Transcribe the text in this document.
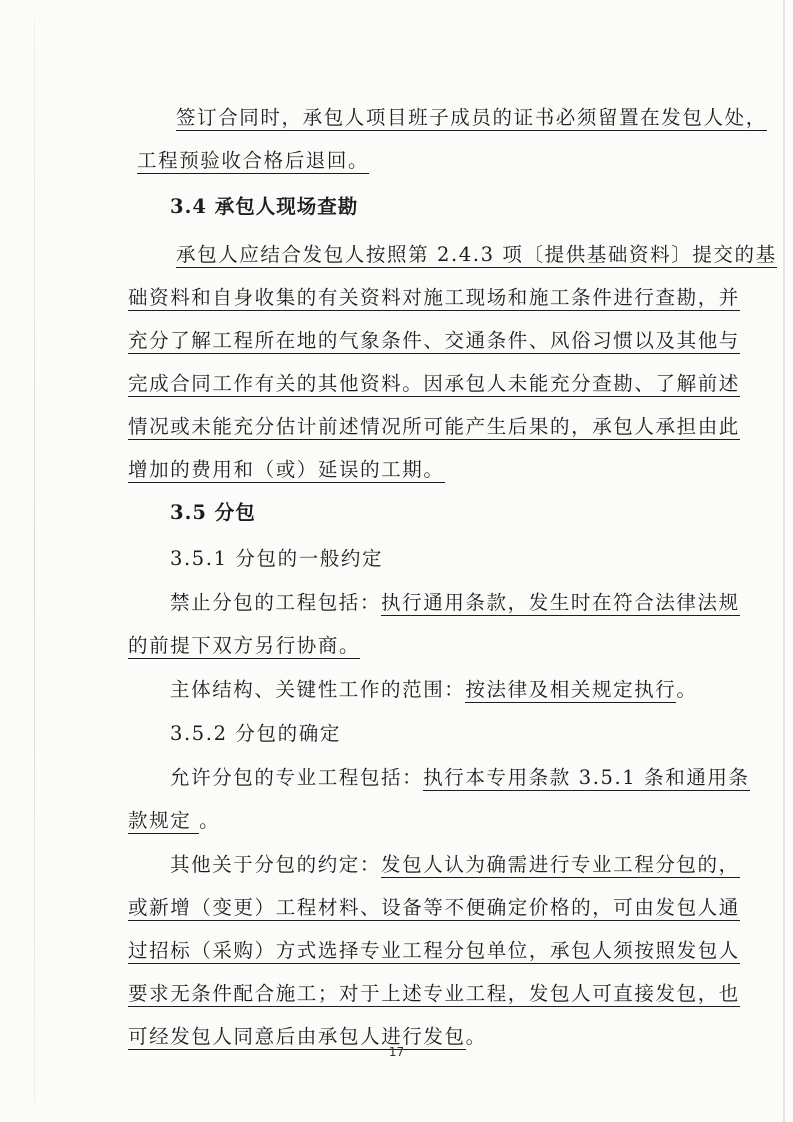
签订合同时，承包人项目班子成员的证书必须留置在发包人处，
工程预验收合格后退回。
3.4 承包人现场查勘
承包人应结合发包人按照第 2.4.3 项〔提供基础资料〕提交的基
础资料和自身收集的有关资料对施工现场和施工条件进行查勘，并
充分了解工程所在地的气象条件、交通条件、风俗习惯以及其他与
完成合同工作有关的其他资料。因承包人未能充分查勘、了解前述
情况或未能充分估计前述情况所可能产生后果的，承包人承担由此
增加的费用和（或）延误的工期。
3.5 分包
3.5.1 分包的一般约定
禁止分包的工程包括：执行通用条款，发生时在符合法律法规
的前提下双方另行协商。
主体结构、关键性工作的范围：按法律及相关规定执行。
3.5.2 分包的确定
允许分包的专业工程包括：执行本专用条款 3.5.1 条和通用条
款规定 。
其他关于分包的约定：发包人认为确需进行专业工程分包的，
或新增（变更）工程材料、设备等不便确定价格的，可由发包人通
过招标（采购）方式选择专业工程分包单位，承包人须按照发包人
要求无条件配合施工；对于上述专业工程，发包人可直接发包，也
可经发包人同意后由承包人进行发包。
17
